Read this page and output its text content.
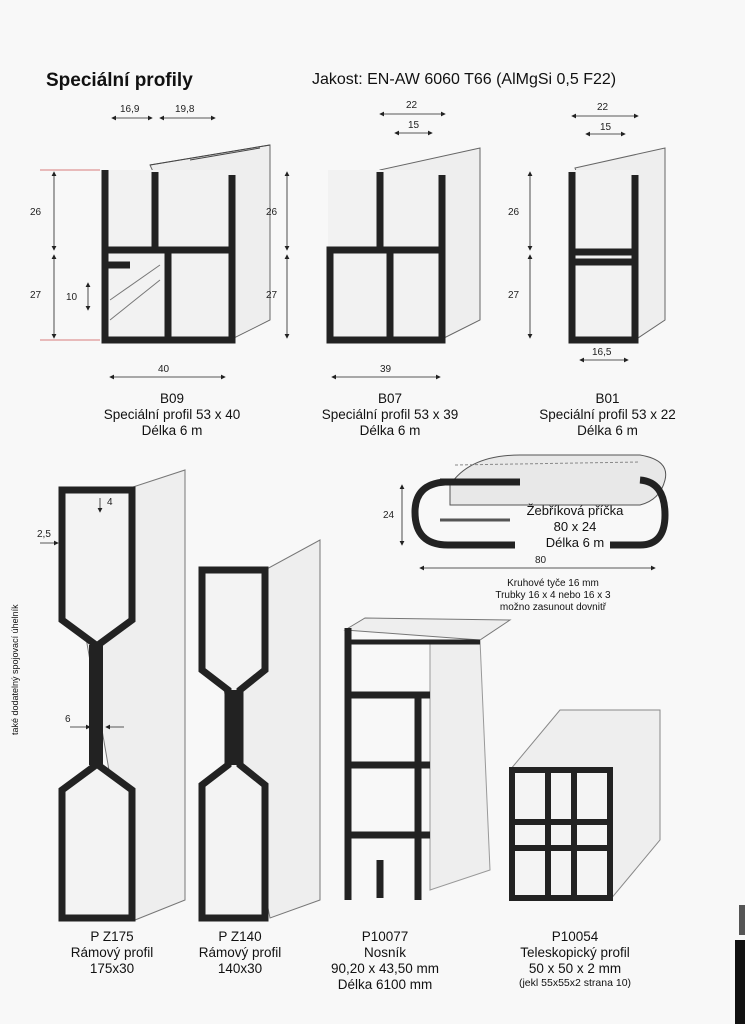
Speciální profily	Jakost: EN-AW 6060 T66 (AlMgSi 0,5 F22)
16,9	19,8
26
27 10
40
22
15
26
27
39
22
15
26
27
16,5
24
80
4
2,5
6
B09
Speciální profil 53 x 40
Délka 6 m
B07
Speciální profil 53 x 39
Délka 6 m
B01
Speciální profil 53 x 22
Délka 6 m
Žebříková příčka
80 x 24
Délka 6 m
Kruhové tyče 16 mm
Trubky 16 x 4 nebo 16 x 3
možno zasunout dovnitř
také dodatelný spojovací úhelník
P Z175
Rámový profil
175x30
P Z140
Rámový profil
140x30
P10077
Nosník
90,20 x 43,50 mm
Délka 6100 mm
P10054
Teleskopický profil
50 x 50 x 2 mm
(jekl 55x55x2 strana 10)
